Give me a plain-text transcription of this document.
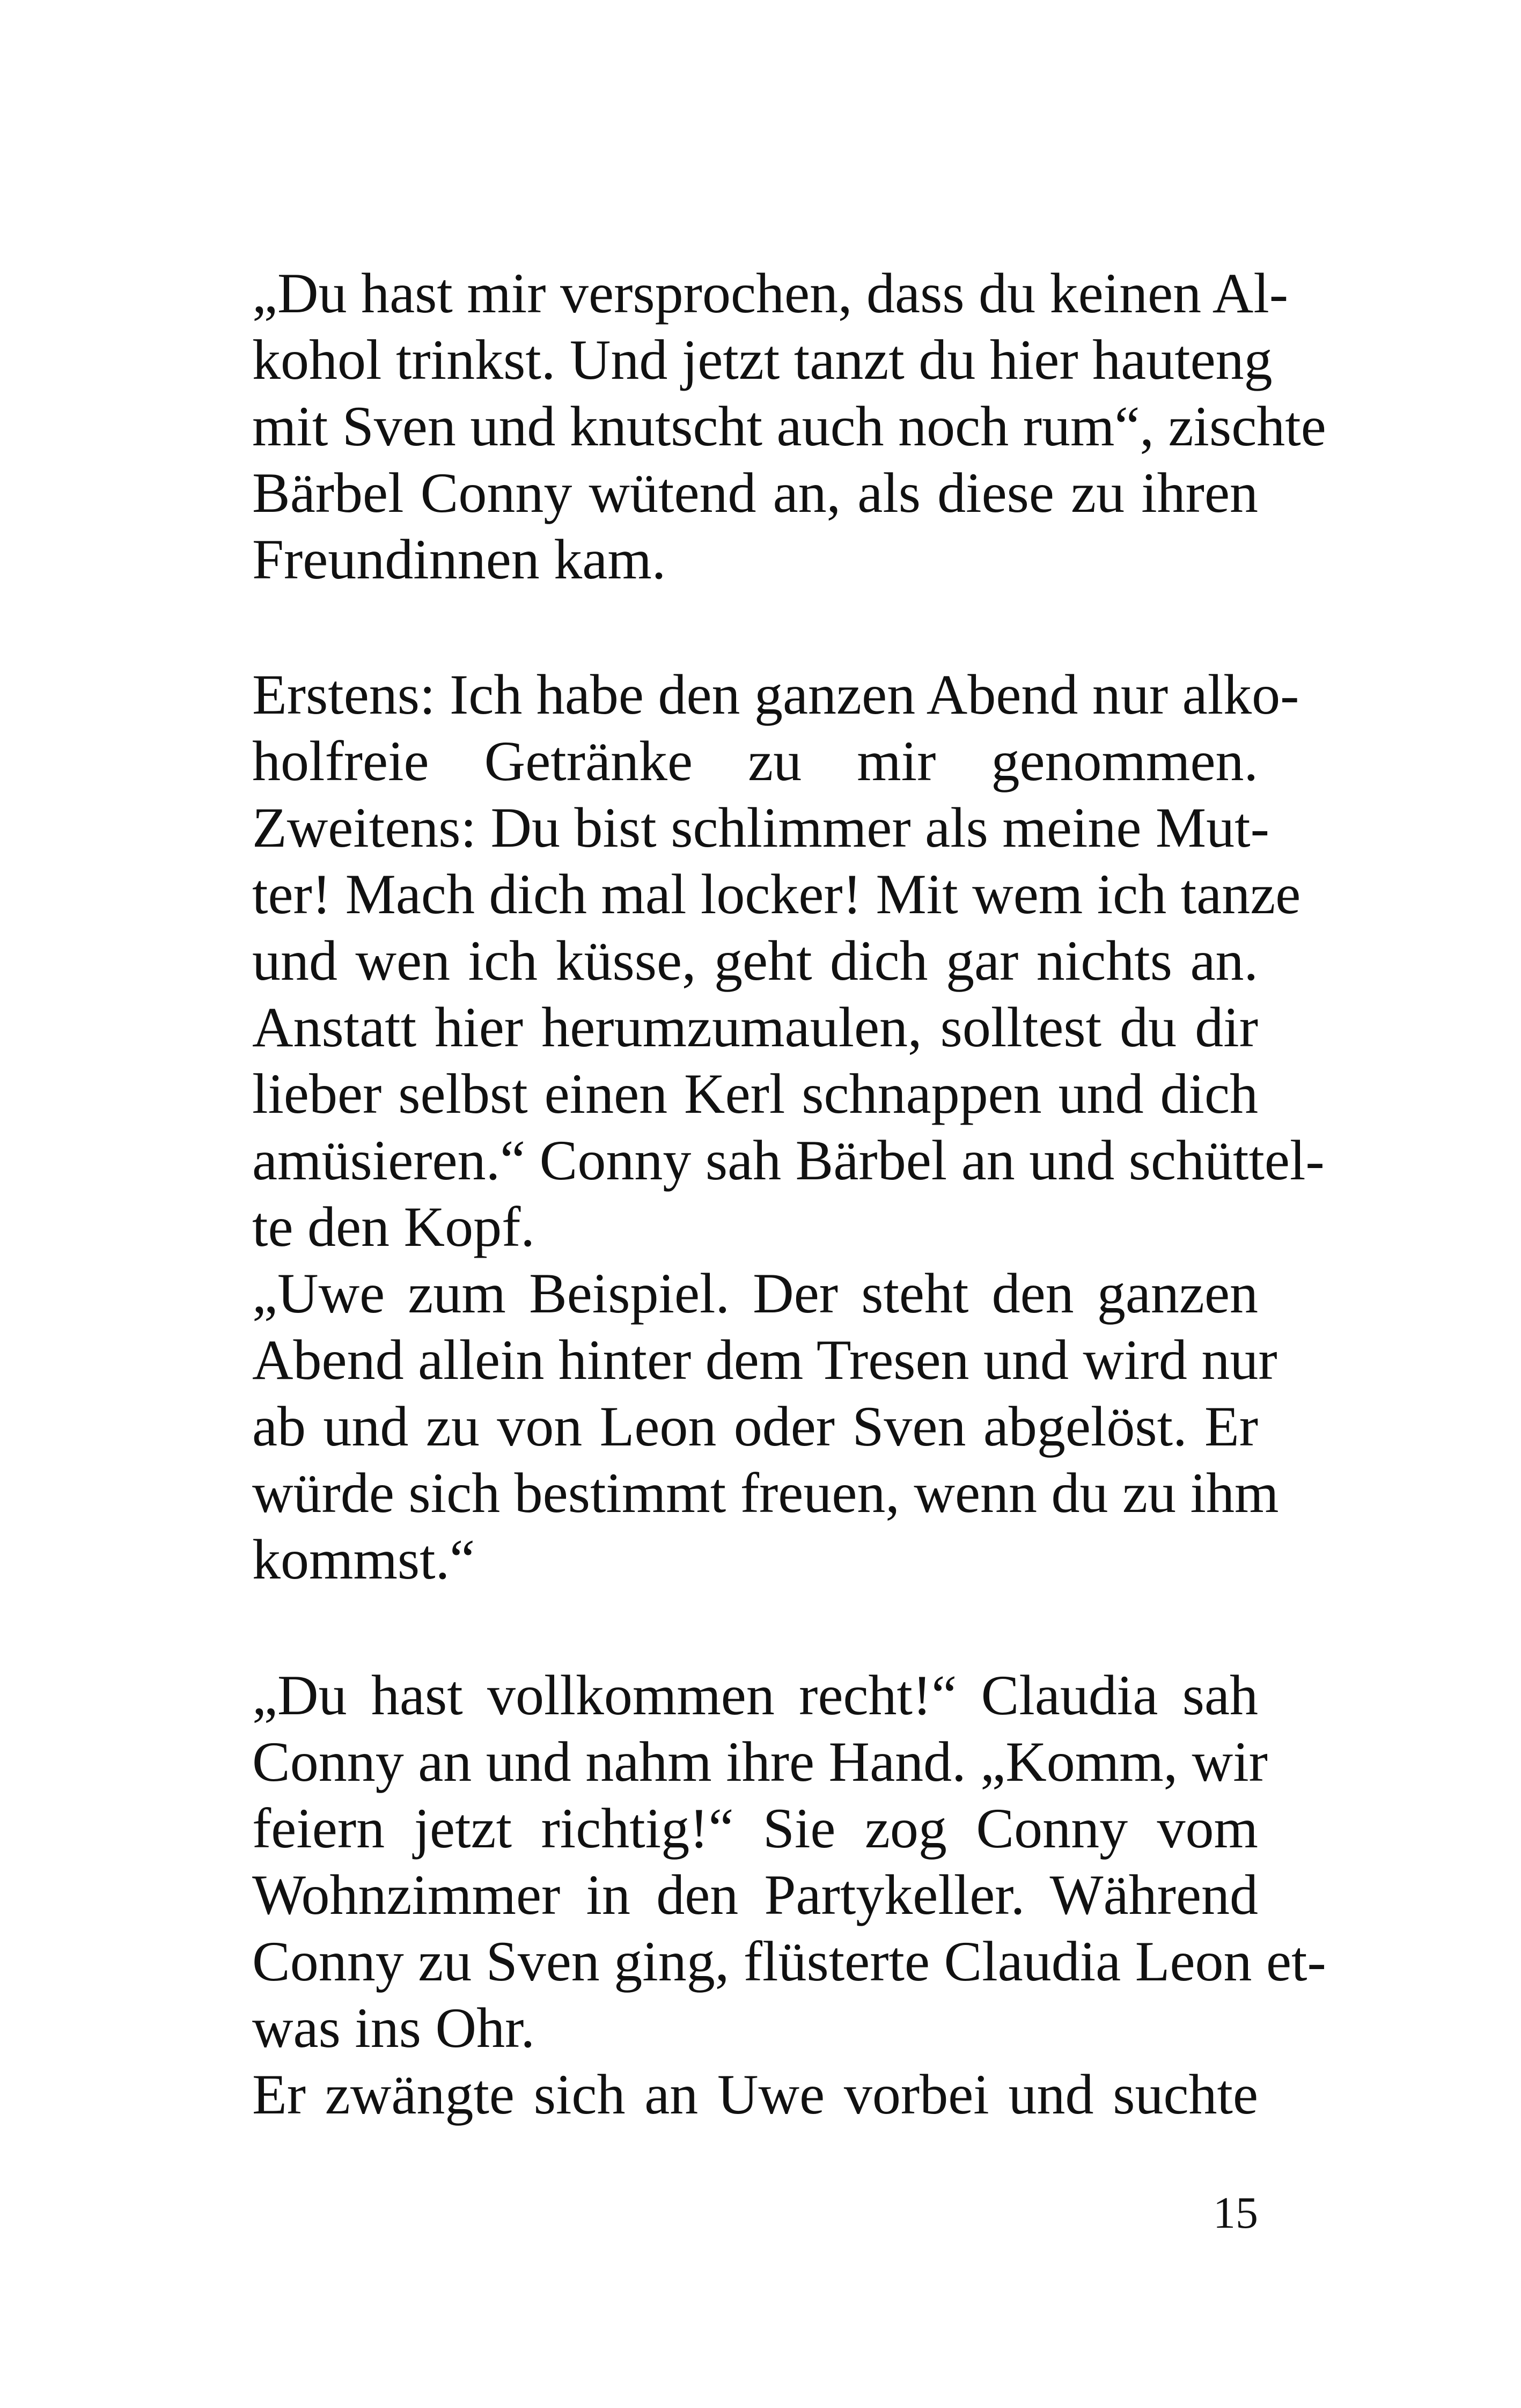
„Du hast mir versprochen, dass du keinen Al-
kohol trinkst. Und jetzt tanzt du hier hauteng
mit Sven und knutscht auch noch rum“, zischte
Bärbel Conny wütend an, als diese zu ihren
Freundinnen kam.
Erstens: Ich habe den ganzen Abend nur alko-
holfreie Getränke zu mir genommen.
Zweitens: Du bist schlimmer als meine Mut-
ter! Mach dich mal locker! Mit wem ich tanze
und wen ich küsse, geht dich gar nichts an.
Anstatt hier herumzumaulen, solltest du dir
lieber selbst einen Kerl schnappen und dich
amüsieren.“ Conny sah Bärbel an und schüttel-
te den Kopf.
„Uwe zum Beispiel. Der steht den ganzen
Abend allein hinter dem Tresen und wird nur
ab und zu von Leon oder Sven abgelöst. Er
würde sich bestimmt freuen, wenn du zu ihm
kommst.“
„Du hast vollkommen recht!“ Claudia sah
Conny an und nahm ihre Hand. „Komm, wir
feiern jetzt richtig!“ Sie zog Conny vom
Wohnzimmer in den Partykeller. Während
Conny zu Sven ging, flüsterte Claudia Leon et-
was ins Ohr.
Er zwängte sich an Uwe vorbei und suchte
15
